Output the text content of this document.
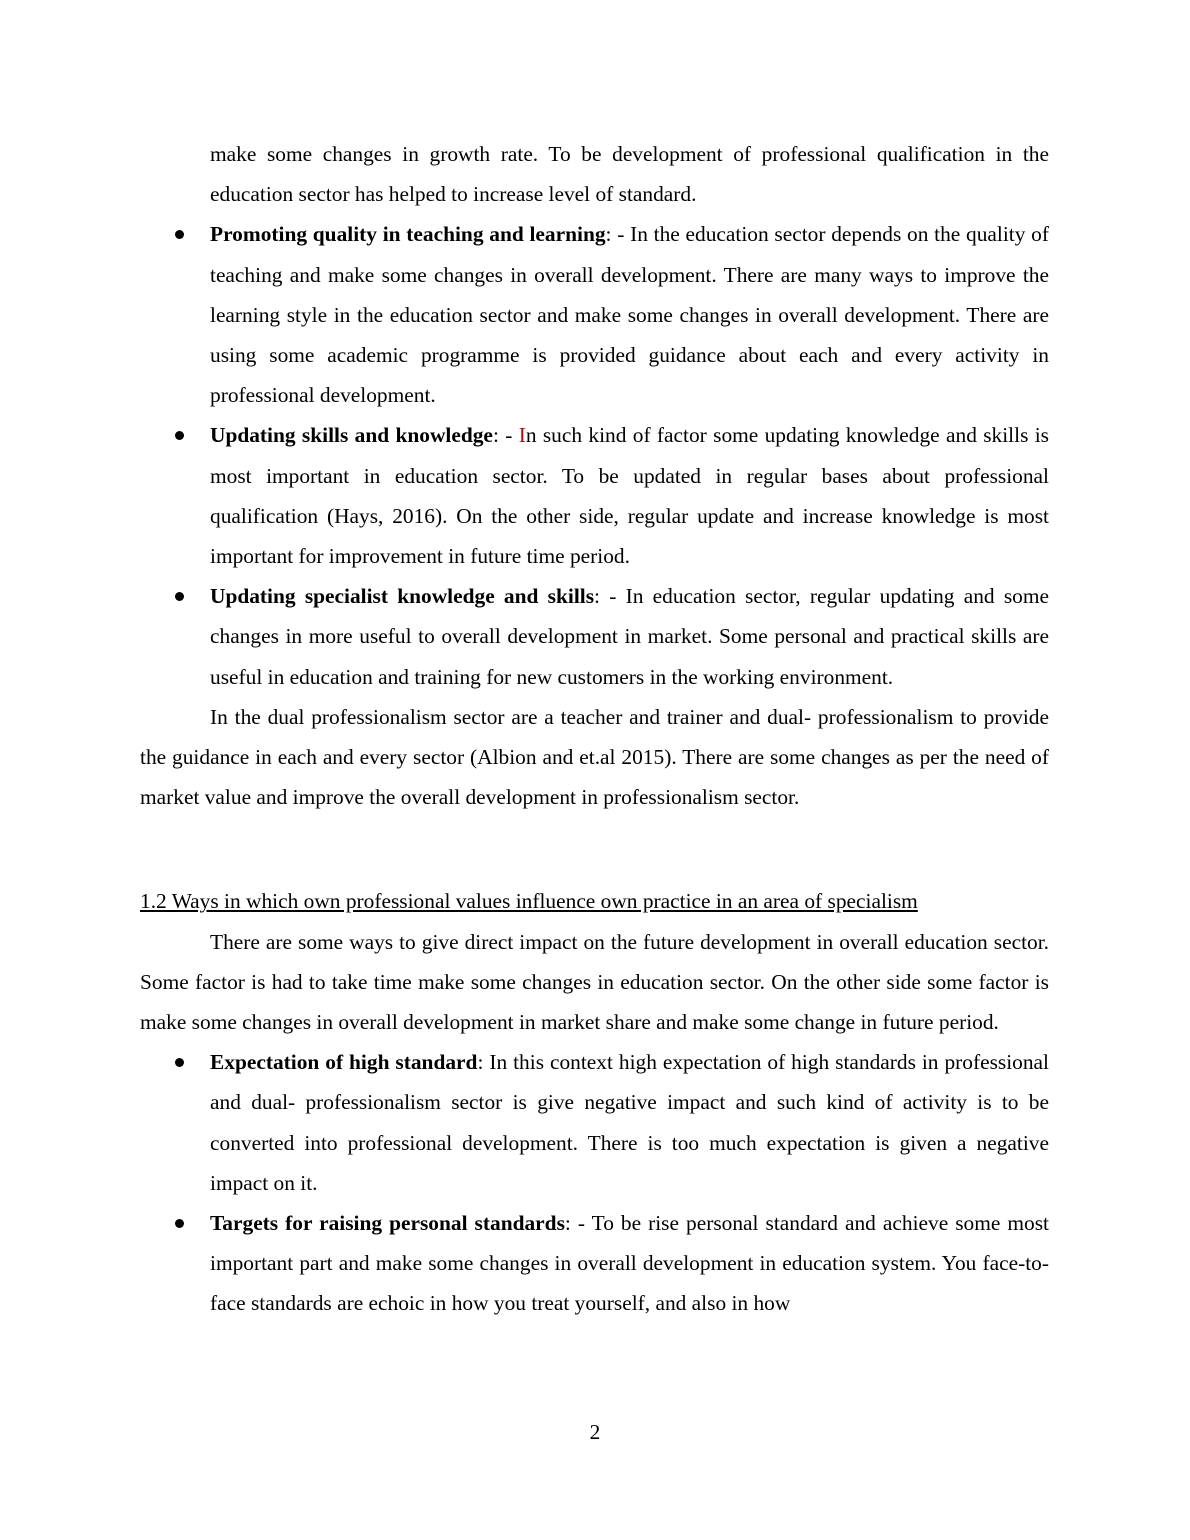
make some changes in growth rate. To be development of professional qualification in the education sector has helped to increase level of standard.

Promoting quality in teaching and learning: - In the education sector depends on the quality of teaching and make some changes in overall development. There are many ways to improve the learning style in the education sector and make some changes in overall development. There are using some academic programme is provided guidance about each and every activity in professional development.
Updating skills and knowledge: - In such kind of factor some updating knowledge and skills is most important in education sector. To be updated in regular bases about professional qualification (Hays, 2016). On the other side, regular update and increase knowledge is most important for improvement in future time period.
Updating specialist knowledge and skills: - In education sector, regular updating and some changes in more useful to overall development in market. Some personal and practical skills are useful in education and training for new customers in the working environment.

In the dual professionalism sector are a teacher and trainer and dual- professionalism to provide the guidance in each and every sector (Albion and et.al 2015). There are some changes as per the need of market value and improve the overall development in professionalism sector.

1.2 Ways in which own professional values influence own practice in an area of specialism

There are some ways to give direct impact on the future development in overall education sector. Some factor is had to take time make some changes in education sector. On the other side some factor is make some changes in overall development in market share and make some change in future period.

Expectation of high standard: In this context high expectation of high standards in professional and dual- professionalism sector is give negative impact and such kind of activity is to be converted into professional development. There is too much expectation is given a negative impact on it.
Targets for raising personal standards: - To be rise personal standard and achieve some most important part and make some changes in overall development in education system. You face-to-face standards are echoic in how you treat yourself, and also in how
2
